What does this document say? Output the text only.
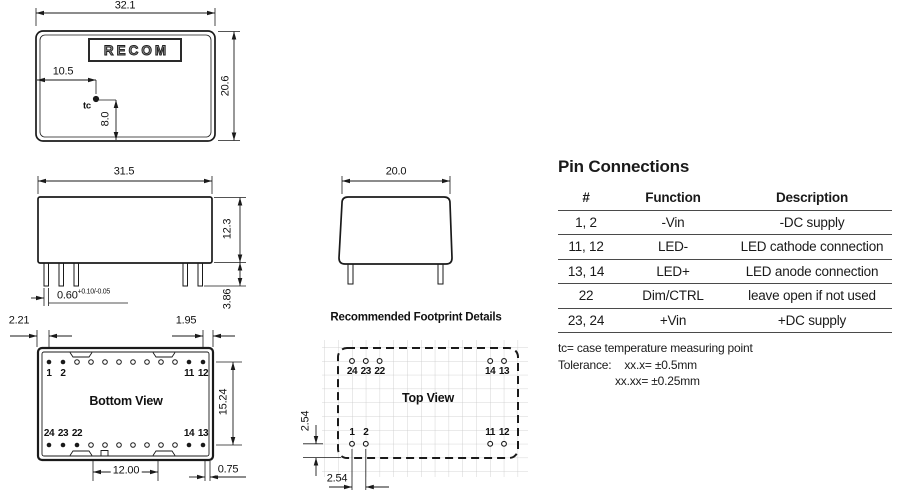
RECOM
32.1
20.6
10.5
8.0
tc
31.5
12.3
3.86
$0.60^{+0.10/-0.05}$
20.0
Bottom View
1 2	11 12
24 23 22	14 13
2.21	1.95
15.24
12.00	0.75
Recommended Footprint Details
Top View
24 23 22	14 13
1 2	11 12
2.54
2.54
Pin Connections
#	Function	Description
1, 2	-Vin	-DC supply
11, 12	LED-	LED cathode connection
13, 14	LED+	LED anode connection
22	Dim/CTRL	leave open if not used
23, 24	+Vin	+DC supply
tc= case temperature measuring point
Tolerance: xx.x= ±0.5mm
xx.xx= ±0.25mm
